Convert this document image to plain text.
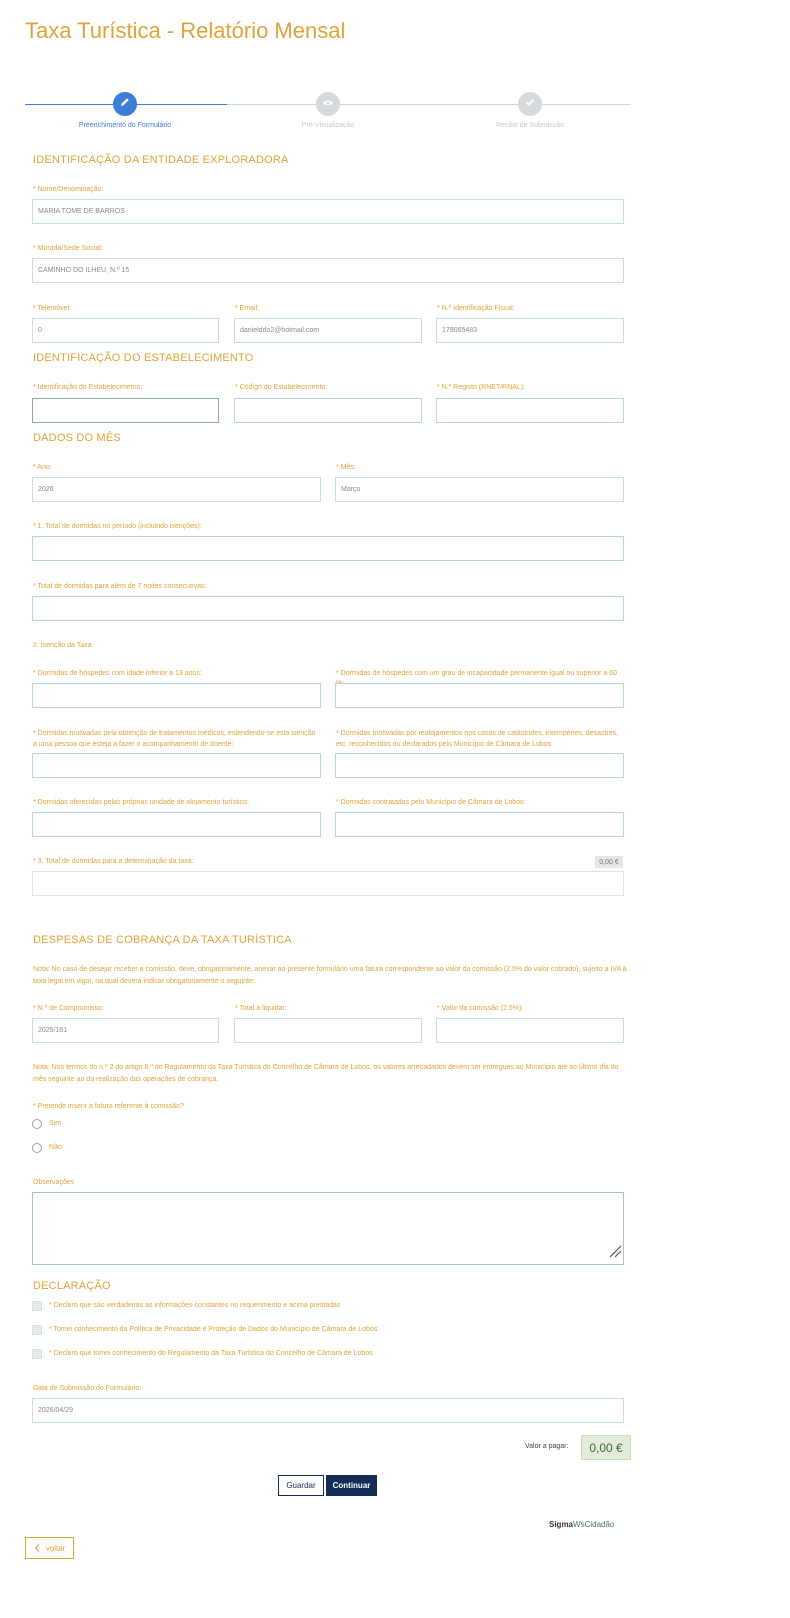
Taxa Turística - Relatório Mensal
Preenchimento do Formulário	Pré-Visualização	Recibo de Submissão
IDENTIFICAÇÃO DA ENTIDADE EXPLORADORA
* Nome/Denominação:
MARIA TOME DE BARROS
* Morada/Sede Social:
CAMINHO DO ILHEU, N.º 15
* Telemóvel:
0
* Email:
danielddo2@hotmail.com
* N.º Identificação Fiscal:
179065483
IDENTIFICAÇÃO DO ESTABELECIMENTO
* Identificação do Estabelecimetno:	* Código do Estabelecimento:	* N.º Registo (RNET/RNAL):
DADOS DO MÊS
* Ano:
2026
* Mês:
Março
* 1. Total de dormidas no período (incluindo isenções):
* Total de dormidas para além de 7 noites consecutivas:
2. Isenção da Taxa
* Dormidas de hóspedes com idade inferior a 13 anos:	* Dormidas de hóspedes com um grau de incapacidade permanente igual ou superior a 60
* Dormidas motivadas pela obtenção de tratamentos médicos, estendendo-se esta isenção a uma pessoa que esteja a fazer o acompanhamento de doente:
* Dormidas motivadas por realojamentos nos casos de catástrofes, intempéries, desastres, etc. reconhecidos ou declarados pelo Município de Câmara de Lobos:
* Dormidas oferecidas pelas próprias unidade de alojamento turístico:	* Dormidas contratadas pelo Município de Câmara de Lobos:
* 3. Total de dormidas para a determinação da taxa:	0,00 €
DESPESAS DE COBRANÇA DA TAXA TURÍSTICA
Nota: No caso de desejar receber a comissão, deve, obrigatoriamente, anexar ao presente formulário uma fatura correspondente ao valor da comissão (2.5% do valor cobrado), sujeito a IVA à taxa legal em vigor, na qual deverá indicar obrigatoriamente o seguinte:
* N.º de Compromisso:
2025/161
* Total a liquidar:	* Valor da comissão (2.5%):
Nota: Nos termos do n.º 2 do artigo 8.º do Regulamento da Taxa Turística do Concelho de Câmara de Lobos, os valores arrecadados devem ser entregues ao Município até ao último dia do mês seguinte ao da realização das operações de cobrança.
* Pretende inserir a fatura referente à comissão?
Sim
Não
Observações
DECLARAÇÃO
* Declaro que são verdadeiras as informações constantes no requerimento e acima prestadas
* Tomei conhecimento da Política de Privacidade e Proteção de Dados do Município de Câmara de Lobos
* Declaro que tomei conhecimento do Regulamento da Taxa Turística do Concelho de Câmara de Lobos
Data de Submissão do Formulário:
2026/04/29
Valor a pagar:	0,00 €
Guardar	Continuar
SigmaWsCidadão
voltar
